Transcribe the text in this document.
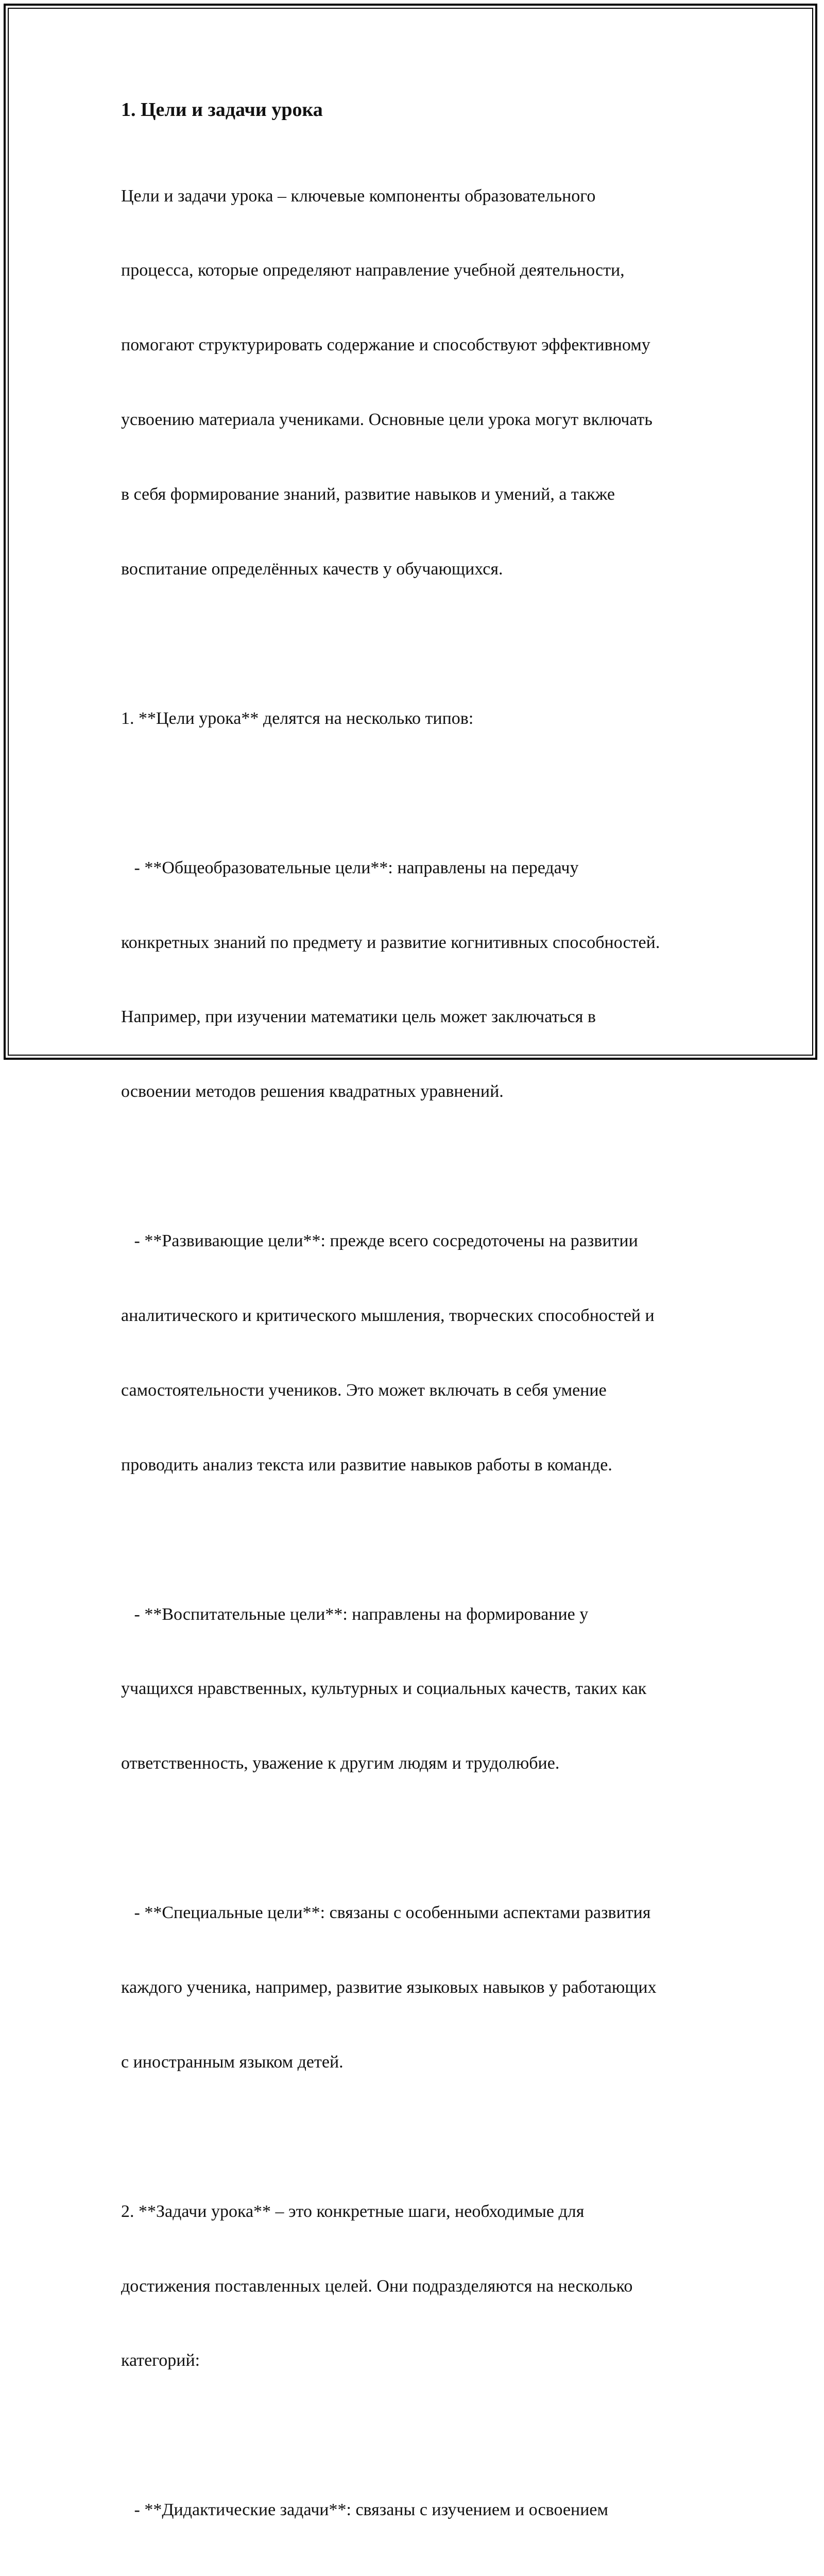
1. Цели и задачи урока

Цели и задачи урока – ключевые компоненты образовательного

процесса, которые определяют направление учебной деятельности,

помогают структурировать содержание и способствуют эффективному

усвоению материала учениками. Основные цели урока могут включать

в себя формирование знаний, развитие навыков и умений, а также

воспитание определённых качеств у обучающихся.

1. **Цели урока** делятся на несколько типов:

- **Общеобразовательные цели**: направлены на передачу

конкретных знаний по предмету и развитие когнитивных способностей.

Например, при изучении математики цель может заключаться в

освоении методов решения квадратных уравнений.

- **Развивающие цели**: прежде всего сосредоточены на развитии

аналитического и критического мышления, творческих способностей и

самостоятельности учеников. Это может включать в себя умение

проводить анализ текста или развитие навыков работы в команде.

- **Воспитательные цели**: направлены на формирование у

учащихся нравственных, культурных и социальных качеств, таких как

ответственность, уважение к другим людям и трудолюбие.

- **Специальные цели**: связаны с особенными аспектами развития

каждого ученика, например, развитие языковых навыков у работающих

с иностранным языком детей.

2. **Задачи урока** – это конкретные шаги, необходимые для

достижения поставленных целей. Они подразделяются на несколько

категорий:

- **Дидактические задачи**: связаны с изучением и освоением
